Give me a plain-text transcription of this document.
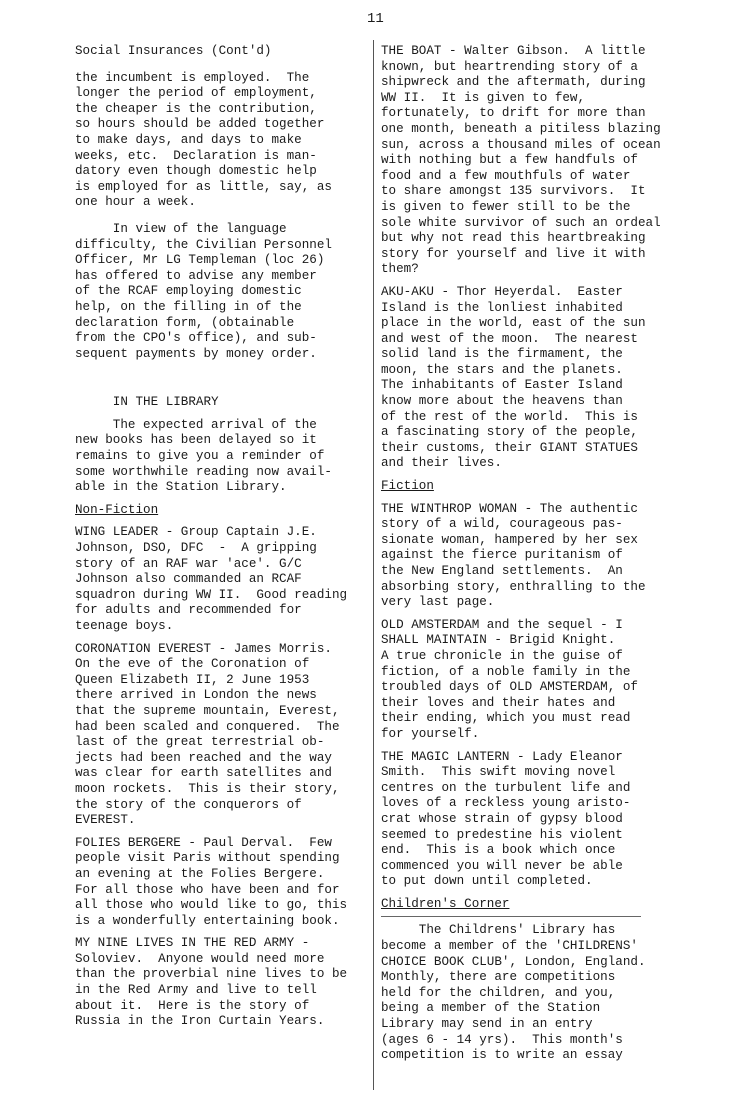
11
Social Insurances (Cont'd)
the incumbent is employed.  The
longer the period of employment,
the cheaper is the contribution,
so hours should be added together
to make days, and days to make
weeks, etc.  Declaration is man-
datory even though domestic help
is employed for as little, say, as
one hour a week.
In view of the language
difficulty, the Civilian Personnel
Officer, Mr LG Templeman (loc 26)
has offered to advise any member
of the RCAF employing domestic
help, on the filling in of the
declaration form, (obtainable
from the CPO's office), and sub-
sequent payments by money order.
IN THE LIBRARY
The expected arrival of the
new books has been delayed so it
remains to give you a reminder of
some worthwhile reading now avail-
able in the Station Library.
Non-Fiction
WING LEADER - Group Captain J.E.
Johnson, DSO, DFC  -  A gripping
story of an RAF war 'ace'. G/C
Johnson also commanded an RCAF
squadron during WW II.  Good reading
for adults and recommended for
teenage boys.
CORONATION EVEREST - James Morris.
On the eve of the Coronation of
Queen Elizabeth II, 2 June 1953
there arrived in London the news
that the supreme mountain, Everest,
had been scaled and conquered.  The
last of the great terrestrial ob-
jects had been reached and the way
was clear for earth satellites and
moon rockets.  This is their story,
the story of the conquerors of
EVEREST.
FOLIES BERGERE - Paul Derval.  Few
people visit Paris without spending
an evening at the Folies Bergere.
For all those who have been and for
all those who would like to go, this
is a wonderfully entertaining book.
MY NINE LIVES IN THE RED ARMY -
Soloviev.  Anyone would need more
than the proverbial nine lives to be
in the Red Army and live to tell
about it.  Here is the story of
Russia in the Iron Curtain Years.
THE BOAT - Walter Gibson.  A little
known, but heartrending story of a
shipwreck and the aftermath, during
WW II.  It is given to few,
fortunately, to drift for more than
one month, beneath a pitiless blazing
sun, across a thousand miles of ocean
with nothing but a few handfuls of
food and a few mouthfuls of water
to share amongst 135 survivors.  It
is given to fewer still to be the
sole white survivor of such an ordeal
but why not read this heartbreaking
story for yourself and live it with
them?
AKU-AKU - Thor Heyerdal.  Easter
Island is the lonliest inhabited
place in the world, east of the sun
and west of the moon.  The nearest
solid land is the firmament, the
moon, the stars and the planets.
The inhabitants of Easter Island
know more about the heavens than
of the rest of the world.  This is
a fascinating story of the people,
their customs, their GIANT STATUES
and their lives.
Fiction
THE WINTHROP WOMAN - The authentic
story of a wild, courageous pas-
sionate woman, hampered by her sex
against the fierce puritanism of
the New England settlements.  An
absorbing story, enthralling to the
very last page.
OLD AMSTERDAM and the sequel - I
SHALL MAINTAIN - Brigid Knight.
A true chronicle in the guise of
fiction, of a noble family in the
troubled days of OLD AMSTERDAM, of
their loves and their hates and
their ending, which you must read
for yourself.
THE MAGIC LANTERN - Lady Eleanor
Smith.  This swift moving novel
centres on the turbulent life and
loves of a reckless young aristo-
crat whose strain of gypsy blood
seemed to predestine his violent
end.  This is a book which once
commenced you will never be able
to put down until completed.
Children's Corner
The Childrens' Library has
become a member of the 'CHILDRENS'
CHOICE BOOK CLUB', London, England.
Monthly, there are competitions
held for the children, and you,
being a member of the Station
Library may send in an entry
(ages 6 - 14 yrs).  This month's
competition is to write an essay
